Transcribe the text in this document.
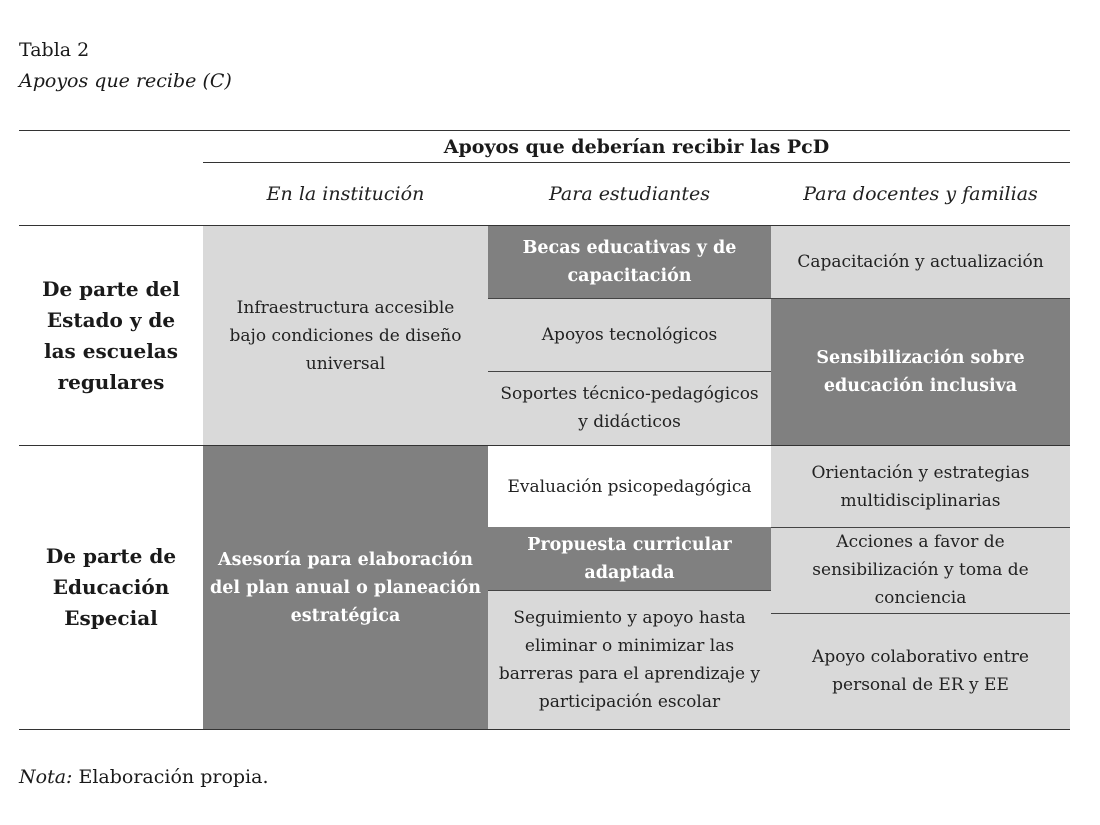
Tabla 2
Apoyos que recibe (C)
Apoyos que deberían recibir las PcD
En la institución	Para estudiantes	Para docentes y familias
De parte del Estado y de las escuelas regulares
Infraestructura accesible bajo condiciones de diseño universal
Becas educativas y de capacitación
Apoyos tecnológicos
Soportes técnico-pedagógicos y didácticos
Capacitación y actualización
Sensibilización sobre educación inclusiva
De parte de Educación Especial
Asesoría para elaboración del plan anual o planeación estratégica
Evaluación psicopedagógica
Propuesta curricular adaptada
Seguimiento y apoyo hasta eliminar o minimizar las barreras para el aprendizaje y participación escolar
Orientación y estrategias multidisciplinarias
Acciones a favor de sensibilización y toma de conciencia
Apoyo colaborativo entre personal de ER y EE
Nota: Elaboración propia.
